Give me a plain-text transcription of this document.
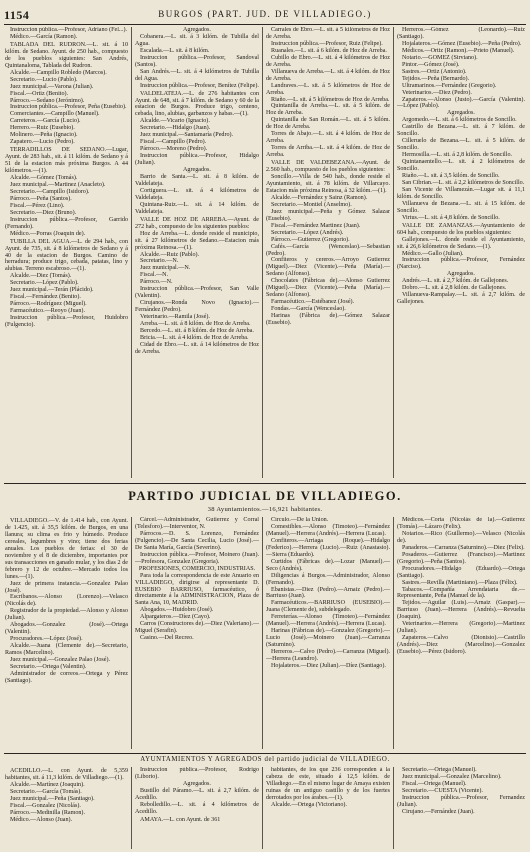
1154	BURGOS (PART. JUD. DE VILLADIEGO.)

Instruccion pública.—Profesor, Adriano (Fel...).

Médico.—García (Ramon).

TABLADA DEL RUDRON.—L. sit. á 10 kilóm. de Sedano. Ayunt. de 250 hab., compuesto de los pueblos siguientes: San Andrés, Quintanaloma, Tablada del Rudron.

Alcalde.—Campillo Robledo (Marcos).

Secretario.—Lucio (Pablo).

Juez municipal.—Varona (Julian).

Fiscal.—Ortiz (Benito).

Párroco.—Sedano (Jerónimo).

Instruccion pública.—Profesor, Peña (Eusebio).

Comerciantes.—Campillo (Manuel).

Carreteros.—García (Lucio).

Herrero.—Ruiz (Eusebio).

Molinero.—Peña (Ignacio).

Zapatero.—Lucio (Pedro).

TERRADILLOS DE SEDANO.—Lugar, Ayunt. de 283 hab., sit. á 11 kilóm. de Sedano y á 51 de la estacion más próxima Burgos. A 44 kilómetros.—(1).

Alcalde.—Gómez (Tomás).

Juez municipal.—Martinez (Anacleto).

Secretario.—Campillo (Isidoro).

Párroco.—Peña (Santos).

Fiscal.—Pérez (Lino).

Secretario.—Diez (Bruno).

Instruccion pública.—Profesor, Garrido (Fernando).

Médico.—Porras (Joaquin de).

TUBILLA DEL AGUA.—L. de 294 hab., con Ayunt. de 735, sit. á 8 kilómetros de Sedano y á 40 de la estacion de Burgos. Camino de herradura; produce trigo, cebada, patatas, lino y alubias. Terreno escabroso.—(1).

Alcalde.—Diez (Tomás).

Secretario.—López (Pablo).

Juez municipal.—Terán (Plácido).

Fiscal.—Fernández (Benito).

Párroco.—Rodríguez (Miguel).

Farmacéutico.—Reoyo (Juan).

Instruccion pública.—Profesor, Huidobro (Fulgencio).

Agregados.

Cobanera.—L. sit. á 3 kilóm. de Tubilla del Agua.

Escalada.—L. sit. á 8 kilóm.

Instruccion pública.—Profesor, Sandoval (Santos).

San Andrés.—L. sit. á 4 kilómetros de Tubilla del Agua.

Instruccion pública.—Profesor, Benítez (Felipe).

VALDELATEJA.—L. de 276 habitantes con Ayunt. de 648, sit. á 7 kilóm. de Sedano y 60 de la estacion de Burgos. Produce trigo, centeno, cebada, lino, alubias, garbanzos y habas.—(1).

Alcalde.—Vicario (Ignacio).

Secretario.—Hidalgo (Juan).

Juez municipal.—Santamaría (Pedro).

Fiscal.—Campillo (Pedro).

Párroco.—Moreno (Pedro).

Instruccion pública.—Profesor, Hidalgo (Julian).

Agregados.

Barrio de Santa.—L. sit. á 8 kilóm. de Valdelateja.

Cortiguera.—L. sit. á 4 kilómetros de Valdelateja.

Quintana-Ruiz.—L. sit. á 14 kilóm. de Valdelateja.

VALLE DE HOZ DE ARREBA.—Ayunt. de 272 hab., compuesto de los siguientes pueblos:

Hoz de Arreba.—L. donde reside el municipio, sit. á 27 kilómetros de Sedano.—Estacion más próxima Reinosa.—(1).

Alcalde.—Ruiz (Pablo).

Secretario.—N.

Juez municipal.—N.

Fiscal.—N.

Párroco.—N.

Instruccion pública.—Profesor, San Valle (Valentin).

Cirujanos.—Ronda Novo (Ignacio).—Fernández (Pedro).

Veterinario.—Ramila (José).

Arreba.—L. sit. á 8 kilóm. de Hoz de Arreba.

Bercedo.—L. sit. á 8 kilóm. de Hoz de Arreba.

Bricia.—L. sit. á 4 kilóm. de Hoz de Arreba.

Cidad de Ebro.—L. sit. á 14 kilómetros de Hoz de Arreba.

Carrales de Ebro.—L. sit. á 5 kilómetros de Hoz de Arreba.

Instruccion pública.—Profesor, Ruiz (Felipe).

Ruanales.—L. sit. á 6 kilóm. de Hoz de Arreba.

Cubillo de Ebro.—L. sit. á 4 kilómetros de Hoz de Arreba.

Villanueva de Arreba.—L. sit. á 4 kilóm. de Hoz de Arreba.

Landraves.—L. sit. á 5 kilómetros de Hoz de Arreba.

Riaño.—L. sit. á 5 kilómetros de Hoz de Arreba.

Quintanilla de Arreba.—L. sit. á 5 kilóm. de Hoz de Arreba.

Quintanilla de San Román.—L. sit. á 5 kilóm. de Hoz de Arreba.

Torres de Abajo.—L. sit. á 4 kilóm. de Hoz de Arreba.

Torres de Arriba.—L. sit. á 4 kilóm. de Hoz de Arreba.

VALLE DE VALDEBEZANA.—Ayunt. de 2.560 hab., compuesto de los pueblos siguientes:

Soncillo.—Villa de 540 hab., donde reside el Ayuntamiento, sit. á 78 kilóm. de Villarcayo. Estacion más próxima Reinosa, á 32 kilóm.—(1).

Alcalde.—Fernández y Sainz (Ramon).

Secretario.—Montiel (Anselmo).

Juez municipal.—Peña y Gómez Salazar (Eusebio).

Fiscal.—Fernández Martinez (Juan).

Secretario.—López (Andrés).

Párroco.—Gutierrez (Gregorio).

Cafés.—García (Wenceslao).—Sebastian (Pedro).

Confiteros y cereros.—Arroyo Gutierrez (Miguel).—Diez (Vicente).—Peña (María).—Sedano (Alfonso).

Chocolates (Fábricas de).—Alonso Gutierrez (Miguel).—Diez (Vicente).—Peña (María).—Sedano (Alfonso).

Farmacéutico.—Estébanez (José).

Fondas.—García (Wenceslao).

Harinas (Fábrica de).—Gómez Salazar (Eusebio).

Herreros.—Gómez (Leonardo).—Ruiz (Santiago).

Hojalateros.—Gómez (Eusebio).—Peña (Pedro).

Médicos.—Ortiz (Ramon).—Prieto (Manuel).

Notario.—GOMEZ (Sirviano).

Pintor.—Gómez (José).

Sastres.—Ortiz (Antonio).

Tejidos.—Peña (Bernardo).

Ultramarinos.—Fernández (Gregorio).

Veterinarios.—Diez (Pedro).

Zapateros.—Alonso (Justo).—García (Valentin).—López (Pablo).

Agregados.

Argomedo.—L. sit. á 6 kilómetros de Soncillo.

Castrillo de Bezana.—L. sit. á 7 kilóm. de Soncillo.

Cilleruelo de Bezana.—L. sit. á 5 kilóm. de Soncillo.

Hermosilla.—L. sit. á 2,8 kilóm. de Soncillo.

Quintanaentello.—L. sit. á 2 kilómetros de Soncillo.

Riaño.—L. sit. á 3,5 kilóm. de Soncillo.

San Cibrian.—L. sit. á 2,2 kilómetros de Soncillo.

San Vicente de Villamezán.—Lugar sit. á 11,1 kilóm. de Soncillo.

Villanueva de Bezana.—L. sit. á 15 kilóm. de Soncillo.

Virtus.—L. sit. á 4,8 kilóm. de Soncillo.

VALLE DE ZAMANZAS.—Ayuntamiento de 604 hab., compuesto de los pueblos siguientes:

Gallejones.—L. donde reside el Ayuntamiento, sit. á 26,6 kilómetros de Sedano.—(1).

Médico.—Gallo (Julian).

Instruccion pública.—Profesor, Fernández (Narciso).

Agregados.

Andrés.—L. sit. á 2,7 kilóm. de Gallejones.

Dobro.—L. sit. á 2,8 kilóm. de Gallejones.

Villanueva-Rampalay.—L. sit. á 2,7 kilóm. de Gallejones.

PARTIDO JUDICIAL DE VILLADIEGO.
38 Ayuntamientos.—16,921 habitantes.

VILLADIEGO.—V. de 1.414 hab., con Ayunt. de 1.425, sit. á 35,5 kilóm. de Burgos, en una llanura; su clima es frio y húmedo. Produce cereales, legumbres y vino; tiene dos ferias anuales. Los pueblos de ferias: el 30 de noviembre y el 8 de diciembre, importantes por sus transacciones en ganado mular, y los dias 2 de febrero y 12 de octubre.—Mercado todos los lunes.—(1).

Juez de primera instancia.—Gonzalez Palao (José).

Escribanos.—Alonso (Lorenzo).—Velasco (Nicolás de).

Registrador de la propiedad.—Alonso y Alonso (Julian).

Abogados.—Gonzalez (José).—Ortega (Valentin).

Procuradores.—López (José).

Alcalde.—Juana (Clemente de).—Secretario, Ramos (Marcelino).

Juez municipal.—Gonzalez Palao (José).

Secretario.—Ortega (Valentin).

Administrador de correos.—Ortega y Pérez (Santiago).

Cárcel.—Administrador, Gutierrez y Corral (Telesforo).—Interventor, N.

Párrocos.—D. S. Lorenzo, Fernández (Fulgencio).—De Santa Cecilia, Lucio (José).—De Santa María, García (Severino).

Instruccion pública.—Profesor, Moinero (Juan).—Profesora, Gonzalez (Gregoria).

PROFESIONES, COMERCIO, INDUSTRIAS.

Para toda la correspondencia de este Anuario en VILLADIEGO, dirigirse al representante D. EUSEBIO BARRIUSO, farmacéutico, ó directamente á la ADMINISTRACION, Plaza de Santa Ana, 10, MADRID.

Abogados.—Huidobro (José).

Alpargateros.—Díez (Cayo).

Carros (Constructores de).—Diez (Valeriano).—Miguel (Serafin).

Casino.—Del Recreo.

Círculo.—De la Union.

Comestibles.—Alonso (Timoteo).—Fernández (Manuel).—Herrera (Andrés).—Herrera (Lucas).

Confiteros.—Arriaga (Roque).—Hidalgo (Federico).—Herrera (Lucio).—Ruiz (Anastasio).—Sierra (Eduardo).

Curtidos (Fábricas de).—Lozar (Manuel).—Seco (Andrés).

Diligencias á Burgos.—Administrador, Alonso (Fernando).

Ebanistas.—Diez (Pedro).—Arnaiz (Pedro).—Barriuso (Juan).

Farmacéuticos.—BARRIUSO (EUSEBIO).—Juana (Clemente de), subdelegado.

Ferreterías.—Alonso (Timoteo).—Fernández (Manuel).—Herrera (Andrés).—Herrera (Lucas).

Harinas (Fábricas de).—Gonzalez (Gregorio).—Lucio (José).—Moinero (Juan).—Carranza (Saturnino).

Herreros.—Calvo (Pedro).—Carranza (Miguel).—Herrera (Leandro).

Hojalateros.—Diez (Julian).—Díez (Santiago).

Médicos.—Corta (Nicolás de la).—Gutierrez (Tomás).—Lázaro (Felix).

Notarios.—Rico (Guillermo).—Velasco (Nicolás de).

Panaderos.—Carranza (Saturnino).—Diez (Felix).

Posaderos.—Gutierrez (Francisco).—Martinez (Gregorio).—Peña (Santos).

Procuradores.—Hidalgo (Eduardo).—Ortega (Santiago).

Sastres.—Revilla (Martiniano).—Plaza (Félix).

Tabacos.—Compañía Arrendataria de.—Representante, Peña (Manuel de la).

Tejidos.—Aguilar (Luis).—Arnaiz (Gaspar).—Barriuso (Juan).—Herrera (Andrés).—Revuelta (Joaquin).

Veterinarios.—Herrera (Gregorio).—Martinez (Julian).

Zapateros.—Calvo (Dionisio).—Castrillo (Andrés).—Diez (Marcelino).—Gonzalez (Eusebio).—Pérez (Isidoro).

AYUNTAMIENTOS Y AGREGADOS del partido judicial de VILLADIEGO.

ACEDILLO.—L. con Ayunt. de 5,359 habitantes, sit. á 11,3 kilóm. de Villadiego.—(1).

Alcalde.—Martínez (Joaquin).

Secretario.—García (Tomás).

Juez municipal.—Peña (Santiago).

Fiscal.—Gonzalez (Nicolás).

Párroco.—Medinilla (Ramon).

Médico.—Alonso (Juan).

Instruccion pública.—Profesor, Rodrigo (Liborio).

Agregados.

Bustillo del Páramo.—L. sit. á 2,7 kilóm. de Acedillo.

Rebolledillo.—L. sit. á 4 kilómetros de Acedillo.

AMAYA.—L. con Ayunt. de 361

habitantes, de los que 236 corresponden á la cabeza de este, situado á 12,5 kilóm. de Villadiego.—En el mismo lugar de Amaya existen ruinas de un antiguo castillo y de los fuertes derrotados por los árabes.—(1).

Alcalde.—Ortega (Victoriano).

Secretario.—Ortega (Manuel).

Juez municipal.—Gonzalez (Marcelino).

Fiscal.—Ortega (Manuel).

Secretario.—CUESTA (Vicente).

Instruccion pública.—Profesor, Fernandez (Julian).

Cirujano.—Fernández (Juan).
